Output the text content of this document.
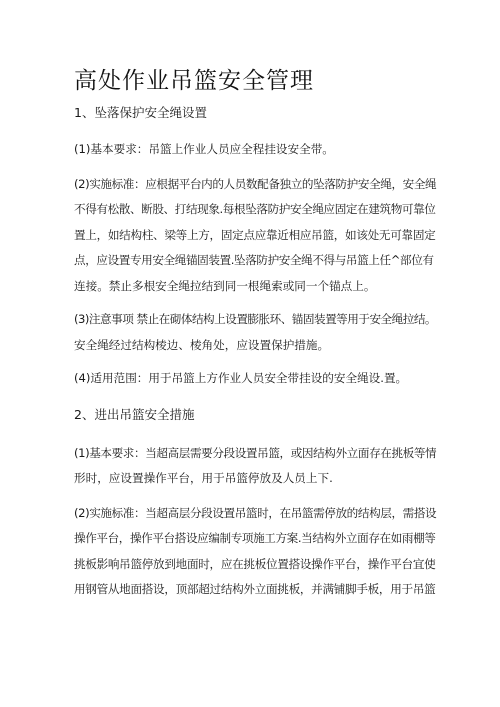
高处作业吊篮安全管理

1、坠落保护安全绳设置

(1)基本要求：吊篮上作业人员应全程挂设安全带。

(2)实施标准：应根据平台内的人员数配备独立的坠落防护安全绳，安全绳
不得有松散、断股、打结现象.每根坠落防护安全绳应固定在建筑物可靠位
置上，如结构柱、梁等上方，固定点应靠近相应吊篮，如该处无可靠固定
点，应设置专用安全绳锚固装置.坠落防护安全绳不得与吊篮上任^部位有
连接。禁止多根安全绳拉结到同一根绳索或同一个锚点上。

(3)注意事项 禁止在砌体结构上设置膨胀环、锚固装置等用于安全绳拉结。
安全绳经过结构棱边、棱角处，应设置保护措施。

(4)适用范围：用于吊篮上方作业人员安全带挂设的安全绳设.置。

2、进出吊篮安全措施

(1)基本要求：当超高层需要分段设置吊篮，或因结构外立面存在挑板等情
形时，应设置操作平台，用于吊篮停放及人员上下.

(2)实施标准：当超高层分段设置吊篮时，在吊篮需停放的结构层，需搭设
操作平台，操作平台搭设应编制专项施工方案.当结构外立面存在如雨棚等
挑板影响吊篮停放到地面时，应在挑板位置搭设操作平台，操作平台宜使
用钢管从地面搭设，顶部超过结构外立面挑板，并满铺脚手板，用于吊篮
